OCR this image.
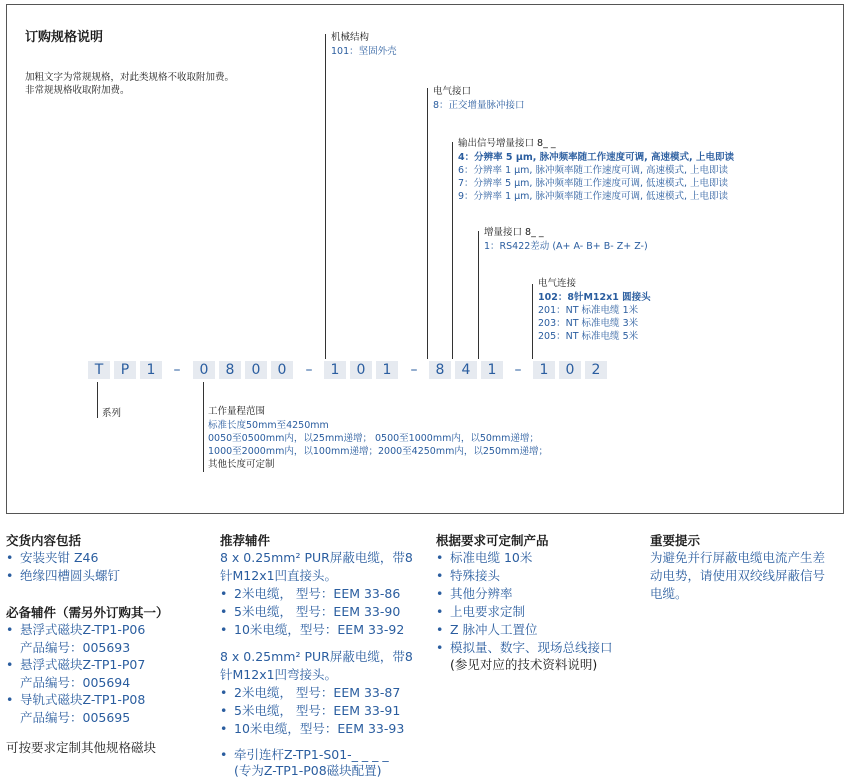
订购规格说明
加粗文字为常规规格，对此类规格不收取附加费。
非常规规格收取附加费。
机械结构
101：坚固外壳
电气接口
8：正交增量脉冲接口
输出信号增量接口 8_ _
4：分辨率 5 μm, 脉冲频率随工作速度可调, 高速模式, 上电即读
6：分辨率 1 μm, 脉冲频率随工作速度可调, 高速模式, 上电即读
7：分辨率 5 μm, 脉冲频率随工作速度可调, 低速模式, 上电即读
9：分辨率 1 μm, 脉冲频率随工作速度可调, 低速模式, 上电即读
增量接口 8_ _
1：RS422差动 (A+ A- B+ B- Z+ Z-)
电气连接
102：8针M12x1 圆接头
201：NT 标准电缆 1米
203：NT 标准电缆 3米
205：NT 标准电缆 5米
T	P	1	–	0	8	0	0	–	1	0	1	–	8	4	1	–	1	0	2
系列	工作量程范围
标准长度50mm至4250mm
0050至0500mm内，以25mm递增； 0500至1000mm内，以50mm递增；
1000至2000mm内，以100mm递增；2000至4250mm内，以250mm递增；
其他长度可定制
交货内容包括
• 安装夹钳 Z46
• 绝缘四槽圆头螺钉
必备辅件（需另外订购其一）
• 悬浮式磁块Z-TP1-P06
产品编号：005693
• 悬浮式磁块Z-TP1-P07
产品编号：005694
• 导轨式磁块Z-TP1-P08
产品编号：005695
可按要求定制其他规格磁块
推荐辅件
8 x 0.25mm² PUR屏蔽电缆，带8
针M12x1凹直接头。
• 2米电缆， 型号：EEM 33-86
• 5米电缆， 型号：EEM 33-90
• 10米电缆，型号：EEM 33-92
8 x 0.25mm² PUR屏蔽电缆，带8
针M12x1凹弯接头。
• 2米电缆， 型号：EEM 33-87
• 5米电缆， 型号：EEM 33-91
• 10米电缆，型号：EEM 33-93
• 牵引连杆Z-TP1-S01-_ _ _ _
(专为Z-TP1-P08磁块配置)
根据要求可定制产品
• 标准电缆 10米
• 特殊接头
• 其他分辨率
• 上电要求定制
• Z 脉冲人工置位
• 模拟量、数字、现场总线接口
(参见对应的技术资料说明)
重要提示
为避免并行屏蔽电缆电流产生差
动电势，请使用双绞线屏蔽信号
电缆。
